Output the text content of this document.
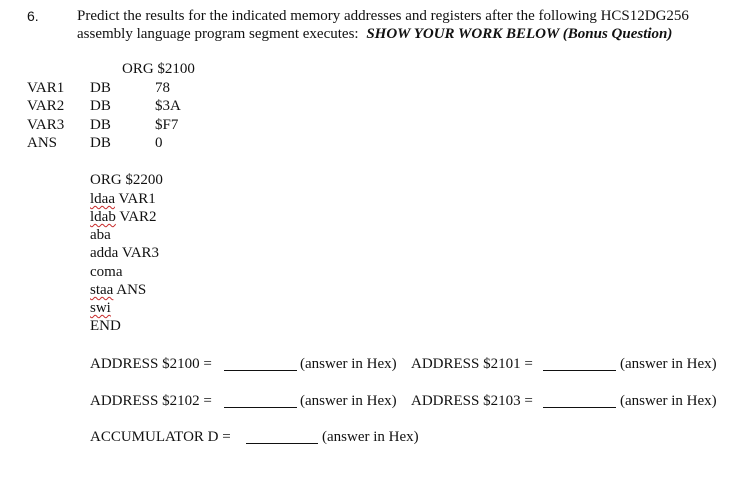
6.	Predict the results for the indicated memory addresses and registers after the following HCS12DG256
assembly language program segment executes: SHOW YOUR WORK BELOW (Bonus Question)
ORG $2100
VAR1 DB	78
VAR2 DB	$3A
VAR3 DB	$F7
ANS DB	0
ORG $2200
ldaa VAR1
ldab VAR2
aba
adda VAR3
coma
staa ANS
swi
END
ADDRESS $2100 =	(answer in Hex) ADDRESS $2101 =	(answer in Hex)
ADDRESS $2102 =	(answer in Hex) ADDRESS $2103 =	(answer in Hex)
ACCUMULATOR D =	(answer in Hex)
